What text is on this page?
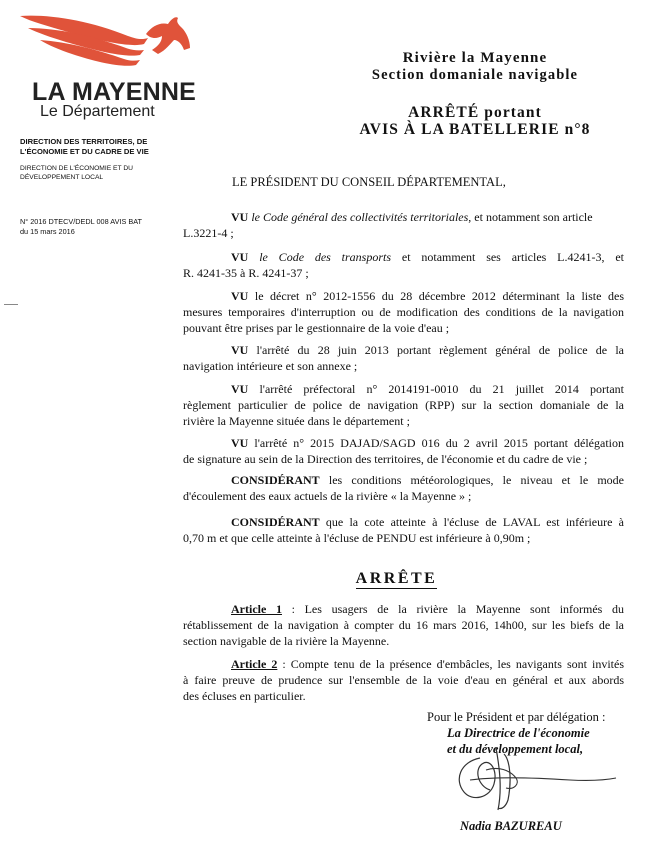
LA MAYENNE
Le Département
DIRECTION DES TERRITOIRES, DE
L'ÉCONOMIE ET DU CADRE DE VIE
DIRECTION DE L'ÉCONOMIE ET DU
DÉVELOPPEMENT LOCAL
N° 2016 DTECV/DEDL 008 AVIS BAT
du 15 mars 2016
Rivière la Mayenne
Section domaniale navigable
ARRÊTÉ portant
AVIS À LA BATELLERIE n°8
LE PRÉSIDENT DU CONSEIL DÉPARTEMENTAL,
VU le Code général des collectivités territoriales, et notamment son article
L.3221-4 ;
VU le Code des transports et notamment ses articles L.4241-3, et
R. 4241-35 à R. 4241-37 ;
VU le décret n° 2012-1556 du 28 décembre 2012 déterminant la liste des
mesures temporaires d'interruption ou de modification des conditions de la navigation
pouvant être prises par le gestionnaire de la voie d'eau ;
VU l'arrêté du 28 juin 2013 portant règlement général de police de la
navigation intérieure et son annexe ;
VU l'arrêté préfectoral n° 2014191-0010 du 21 juillet 2014 portant
règlement particulier de police de navigation (RPP) sur la section domaniale de la
rivière la Mayenne située dans le département ;
VU l'arrêté n° 2015 DAJAD/SAGD 016 du 2 avril 2015 portant délégation
de signature au sein de la Direction des territoires, de l'économie et du cadre de vie ;
CONSIDÉRANT les conditions météorologiques, le niveau et le mode
d'écoulement des eaux actuels de la rivière « la Mayenne » ;
CONSIDÉRANT que la cote atteinte à l'écluse de LAVAL est inférieure à
0,70 m et que celle atteinte à l'écluse de PENDU est inférieure à 0,90m ;
ARRÊTE
Article 1 : Les usagers de la rivière la Mayenne sont informés du
rétablissement de la navigation à compter du 16 mars 2016, 14h00, sur les biefs de la
section navigable de la rivière la Mayenne.
Article 2 : Compte tenu de la présence d'embâcles, les navigants sont invités
à faire preuve de prudence sur l'ensemble de la voie d'eau en général et aux abords
des écluses en particulier.
Pour le Président et par délégation :
La Directrice de l'économie
et du développement local,
Nadia BAZUREAU
